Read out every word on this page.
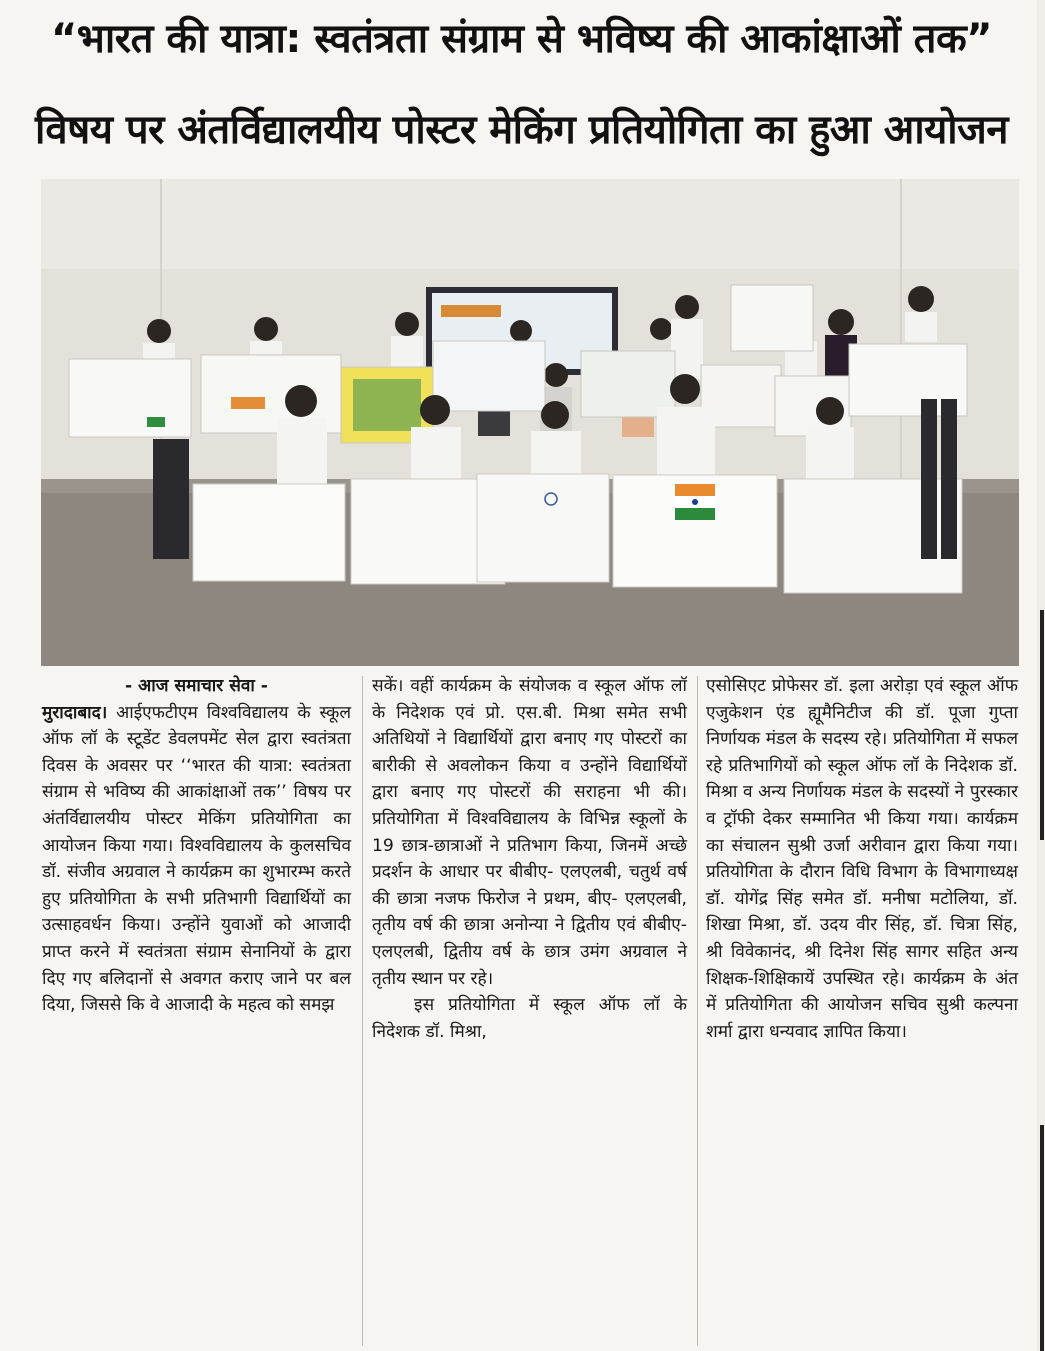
“भारत की यात्रा: स्वतंत्रता संग्राम से भविष्य की आकांक्षाओं तक”
विषय पर अंतर्विद्यालयीय पोस्टर मेकिंग प्रतियोगिता का हुआ आयोजन

- आज समाचार सेवा -

मुरादाबाद। आईएफटीएम विश्वविद्यालय के स्कूल ऑफ लॉ के स्टूडेंट डेवलपमेंट सेल द्वारा स्वतंत्रता दिवस के अवसर पर ‘‘भारत की यात्रा: स्वतंत्रता संग्राम से भविष्य की आकांक्षाओं तक’’ विषय पर अंतर्विद्यालयीय पोस्टर मेकिंग प्रतियोगिता का आयोजन किया गया। विश्वविद्यालय के कुलसचिव डॉ. संजीव अग्रवाल ने कार्यक्रम का शुभारम्भ करते हुए प्रतियोगिता के सभी प्रतिभागी विद्यार्थियों का उत्साहवर्धन किया। उन्होंने युवाओं को आजादी प्राप्त करने में स्वतंत्रता संग्राम सेनानियों के द्वारा दिए गए बलिदानों से अवगत कराए जाने पर बल दिया, जिससे कि वे आजादी के महत्व को समझ

सकें। वहीं कार्यक्रम के संयोजक व स्कूल ऑफ लॉ के निदेशक एवं प्रो. एस.बी. मिश्रा समेत सभी अतिथियों ने विद्यार्थियों द्वारा बनाए गए पोस्टरों का बारीकी से अवलोकन किया व उन्होंने विद्यार्थियों द्वारा बनाए गए पोस्टरों की सराहना भी की। प्रतियोगिता में विश्वविद्यालय के विभिन्न स्कूलों के 19 छात्र-छात्राओं ने प्रतिभाग किया, जिनमें अच्छे प्रदर्शन के आधार पर बीबीए- एलएलबी, चतुर्थ वर्ष की छात्रा नजफ फिरोज ने प्रथम, बीए- एलएलबी, तृतीय वर्ष की छात्रा अनोन्या ने द्वितीय एवं बीबीए- एलएलबी, द्वितीय वर्ष के छात्र उमंग अग्रवाल ने तृतीय स्थान पर रहे।

इस प्रतियोगिता में स्कूल ऑफ लॉ के निदेशक डॉ. मिश्रा,

एसोसिएट प्रोफेसर डॉ. इला अरोड़ा एवं स्कूल ऑफ एजुकेशन एंड ह्यूमैनिटीज की डॉ. पूजा गुप्ता निर्णायक मंडल के सदस्य रहे। प्रतियोगिता में सफल रहे प्रतिभागियों को स्कूल ऑफ लॉ के निदेशक डॉ. मिश्रा व अन्य निर्णायक मंडल के सदस्यों ने पुरस्कार व ट्रॉफी देकर सम्मानित भी किया गया। कार्यक्रम का संचालन सुश्री उर्जा अरीवान द्वारा किया गया। प्रतियोगिता के दौरान विधि विभाग के विभागाध्यक्ष डॉ. योगेंद्र सिंह समेत डॉ. मनीषा मटोलिया, डॉ. शिखा मिश्रा, डॉ. उदय वीर सिंह, डॉ. चित्रा सिंह, श्री विवेकानंद, श्री दिनेश सिंह सागर सहित अन्य शिक्षक-शिक्षिकायें उपस्थित रहे। कार्यक्रम के अंत में प्रतियोगिता की आयोजन सचिव सुश्री कल्पना शर्मा द्वारा धन्यवाद ज्ञापित किया।
